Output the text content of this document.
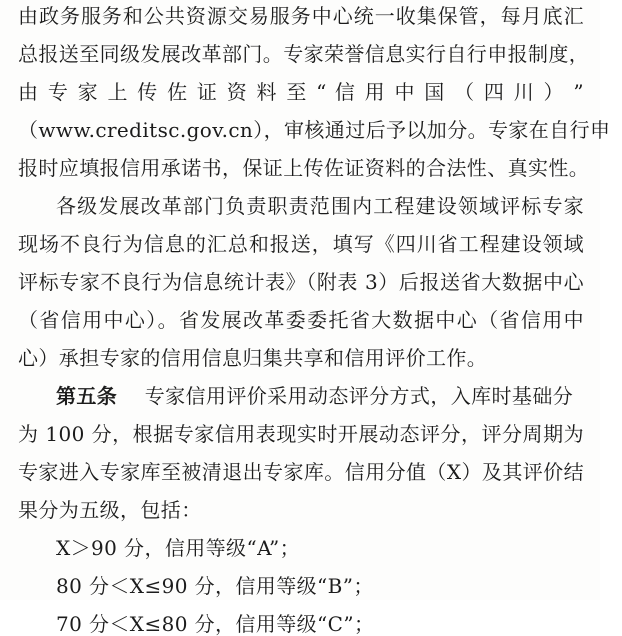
由政务服务和公共资源交易服务中心统一收集保管，每月底汇
总报送至同级发展改革部门。专家荣誉信息实行自行申报制度，
由 专 家 上 传 佐 证 资 料 至 “ 信 用 中 国 （ 四 川 ） ”
（www.creditsc.gov.cn），审核通过后予以加分。专家在自行申
报时应填报信用承诺书，保证上传佐证资料的合法性、真实性。
各级发展改革部门负责职责范围内工程建设领域评标专家
现场不良行为信息的汇总和报送，填写《四川省工程建设领域
评标专家不良行为信息统计表》（附表 3）后报送省大数据中心
（省信用中心）。省发展改革委委托省大数据中心（省信用中
心）承担专家的信用信息归集共享和信用评价工作。
第五条 专家信用评价采用动态评分方式，入库时基础分
为 100 分，根据专家信用表现实时开展动态评分，评分周期为
专家进入专家库至被清退出专家库。信用分值（X）及其评价结
果分为五级，包括：
X＞90 分，信用等级“A”；
80 分＜X≤90 分，信用等级“B”；
70 分＜X≤80 分，信用等级“C”；
